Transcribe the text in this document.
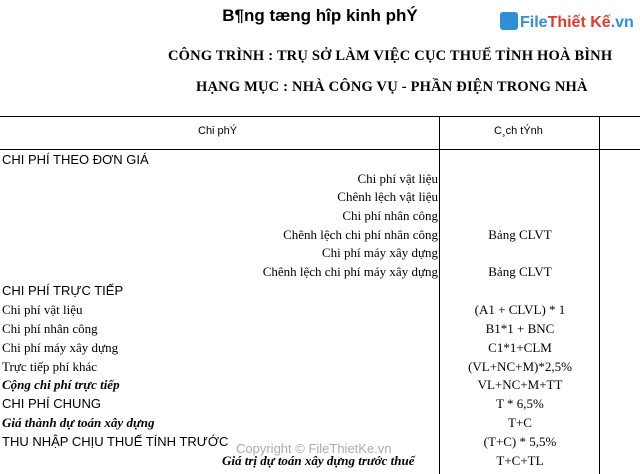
B¶ng tæng hîp kinh phÝ	FileThiết Kế.vn
CÔNG TRÌNH : TRỤ SỞ LÀM VIỆC CỤC THUẾ TỈNH HOÀ BÌNH
HẠNG MỤC : NHÀ CÔNG VỤ - PHẦN ĐIỆN TRONG NHÀ
Chi phÝ	C¸ch tÝnh
CHI PHÍ THEO ĐƠN GIÁ
Chi phí vật liệu
Chênh lệch vật liệu
Chi phí nhân công
Chênh lệch chi phí nhân công	Bảng CLVT
Chi phí máy xây dựng
Chênh lệch chi phí máy xây dựng	Bảng CLVT
CHI PHÍ TRỰC TIẾP
Chi phí vật liệu	(A1 + CLVL) * 1
Chi phí nhân công	B1*1 + BNC
Chi phí máy xây dựng	C1*1+CLM
Trực tiếp phí khác	(VL+NC+M)*2,5%
Cộng chi phí trực tiếp	VL+NC+M+TT
CHI PHÍ CHUNG	T * 6,5%
Giá thành dự toán xây dựng	T+C
THU NHẬP CHỊU THUẾ TÍNH TRƯỚC	(T+C) * 5,5%
Giá trị dự toán xây dựng trước thuế	T+C+TL
Copyright © FileThietKe.vn
